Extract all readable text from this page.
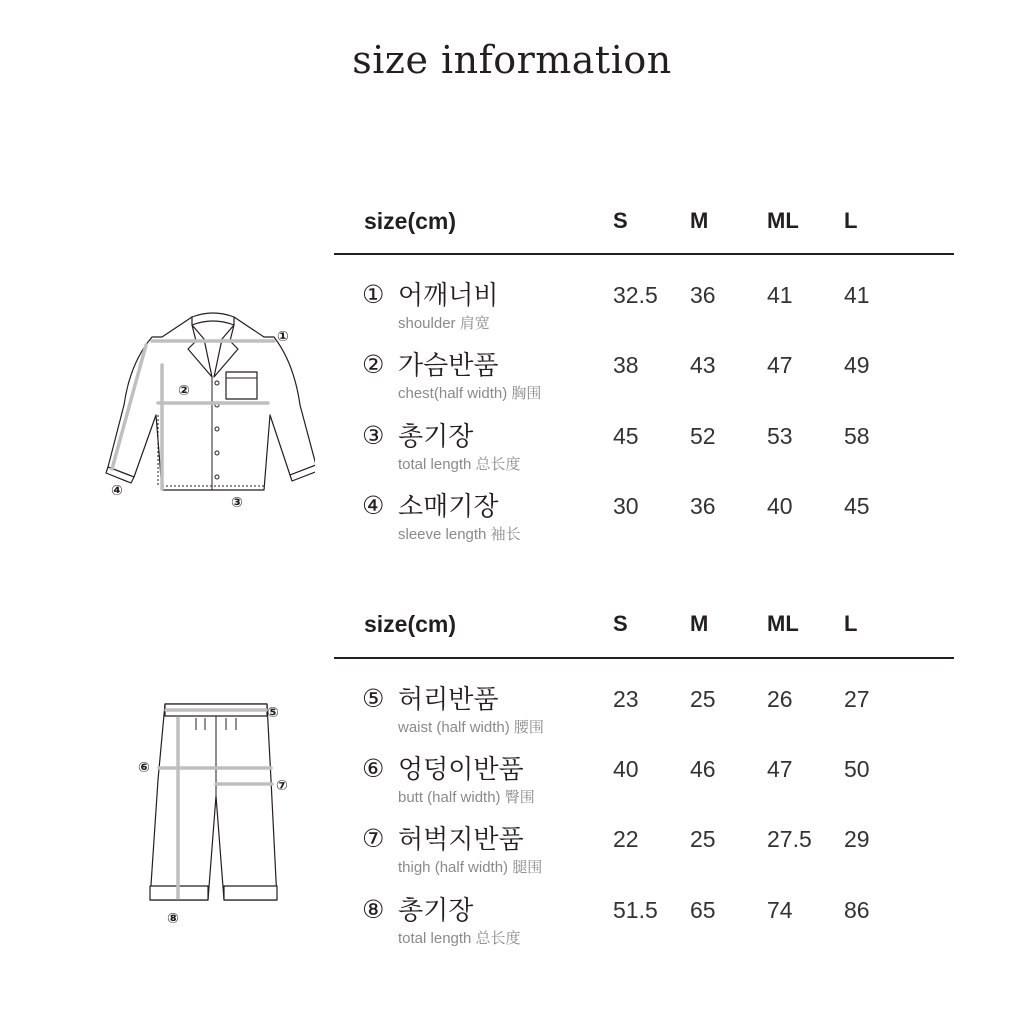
size information
size(cm)	S	M	ML L
① 어깨너비
shoulder 肩宽
32.5 36 41 41
② 가슴반품
chest(half width) 胸围
38 43 47 49
③ 총기장
total length 总长度
45 52 53 58
④ 소매기장
sleeve length 袖长
30 36 40 45
size(cm)	S	M	ML L
⑤ 허리반품
waist (half width) 腰围
23 25 26 27
⑥ 엉덩이반품
butt (half width) 臀围
40 46 47 50
⑦ 허벅지반품
thigh (half width) 腿围
22 25 27.5 29
⑧ 총기장
total length 总长度
51.5 65 74 86
①
②
③
④
⑤
⑥
⑦
⑧
